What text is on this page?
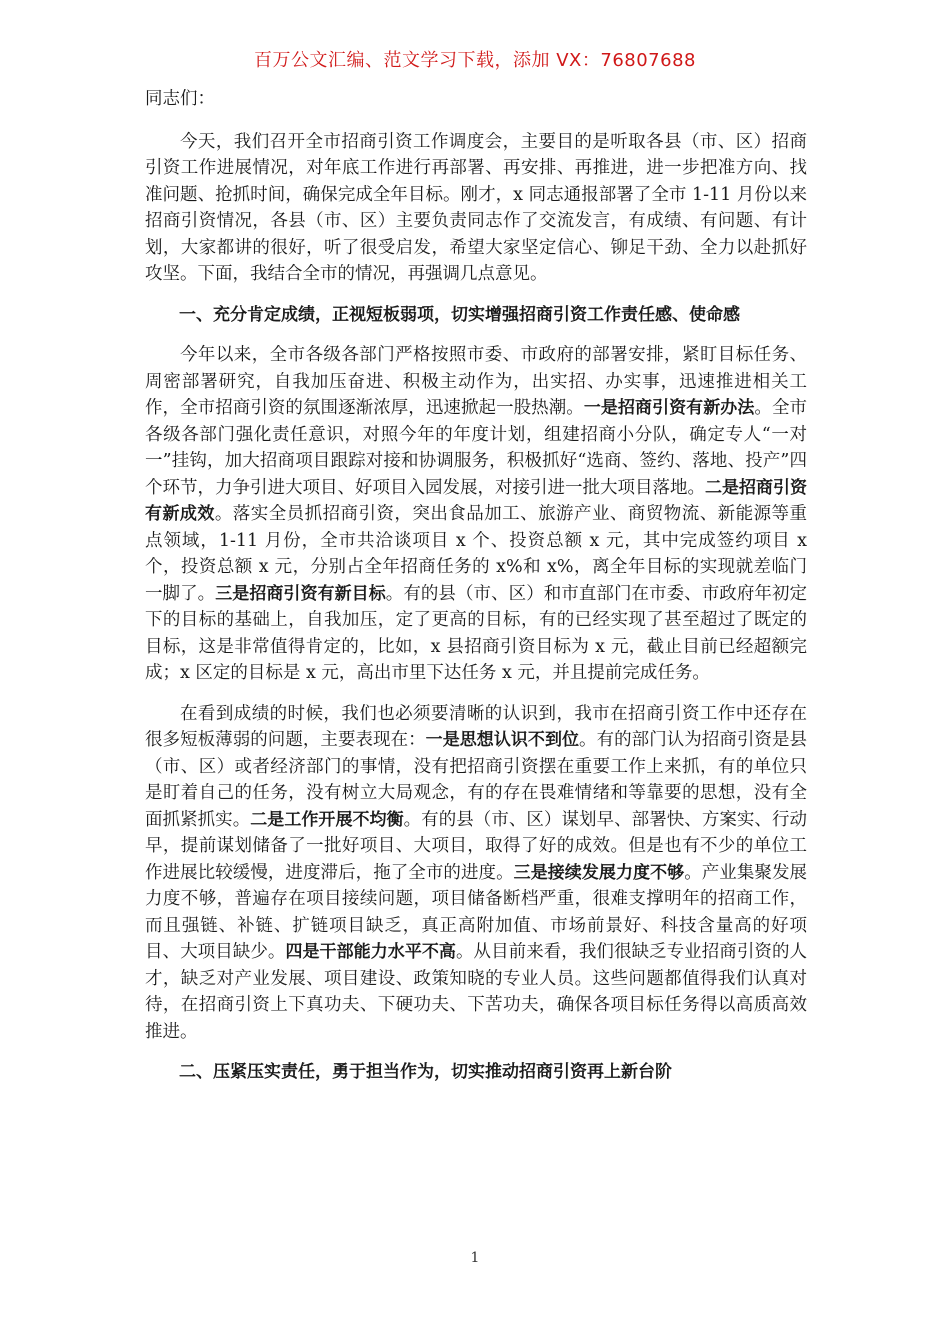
百万公文汇编、范文学习下载，添加 VX：76807688

同志们：

今天，我们召开全市招商引资工作调度会，主要目的是听取各县（市、区）招商引资工作进展情况，对年底工作进行再部署、再安排、再推进，进一步把准方向、找准问题、抢抓时间，确保完成全年目标。刚才，x 同志通报部署了全市 1-11 月份以来招商引资情况，各县（市、区）主要负责同志作了交流发言，有成绩、有问题、有计划，大家都讲的很好，听了很受启发，希望大家坚定信心、铆足干劲、全力以赴抓好攻坚。下面，我结合全市的情况，再强调几点意见。

一、充分肯定成绩，正视短板弱项，切实增强招商引资工作责任感、使命感

今年以来，全市各级各部门严格按照市委、市政府的部署安排，紧盯目标任务、周密部署研究，自我加压奋进、积极主动作为，出实招、办实事，迅速推进相关工作，全市招商引资的氛围逐渐浓厚，迅速掀起一股热潮。一是招商引资有新办法。全市各级各部门强化责任意识，对照今年的年度计划，组建招商小分队，确定专人“一对一”挂钩，加大招商项目跟踪对接和协调服务，积极抓好“选商、签约、落地、投产”四个环节，力争引进大项目、好项目入园发展，对接引进一批大项目落地。二是招商引资有新成效。落实全员抓招商引资，突出食品加工、旅游产业、商贸物流、新能源等重点领域，1-11 月份，全市共洽谈项目 x 个、投资总额 x 元，其中完成签约项目 x 个，投资总额 x 元，分别占全年招商任务的 x%和 x%，离全年目标的实现就差临门一脚了。三是招商引资有新目标。有的县（市、区）和市直部门在市委、市政府年初定下的目标的基础上，自我加压，定了更高的目标，有的已经实现了甚至超过了既定的目标，这是非常值得肯定的，比如，x 县招商引资目标为 x 元，截止目前已经超额完成；x 区定的目标是 x 元，高出市里下达任务 x 元，并且提前完成任务。

在看到成绩的时候，我们也必须要清晰的认识到，我市在招商引资工作中还存在很多短板薄弱的问题，主要表现在：一是思想认识不到位。有的部门认为招商引资是县（市、区）或者经济部门的事情，没有把招商引资摆在重要工作上来抓，有的单位只是盯着自己的任务，没有树立大局观念，有的存在畏难情绪和等靠要的思想，没有全面抓紧抓实。二是工作开展不均衡。有的县（市、区）谋划早、部署快、方案实、行动早，提前谋划储备了一批好项目、大项目，取得了好的成效。但是也有不少的单位工作进展比较缓慢，进度滞后，拖了全市的进度。三是接续发展力度不够。产业集聚发展力度不够，普遍存在项目接续问题，项目储备断档严重，很难支撑明年的招商工作，而且强链、补链、扩链项目缺乏，真正高附加值、市场前景好、科技含量高的好项目、大项目缺少。四是干部能力水平不高。从目前来看，我们很缺乏专业招商引资的人才，缺乏对产业发展、项目建设、政策知晓的专业人员。这些问题都值得我们认真对待，在招商引资上下真功夫、下硬功夫、下苦功夫，确保各项目标任务得以高质高效推进。

二、压紧压实责任，勇于担当作为，切实推动招商引资再上新台阶

1
